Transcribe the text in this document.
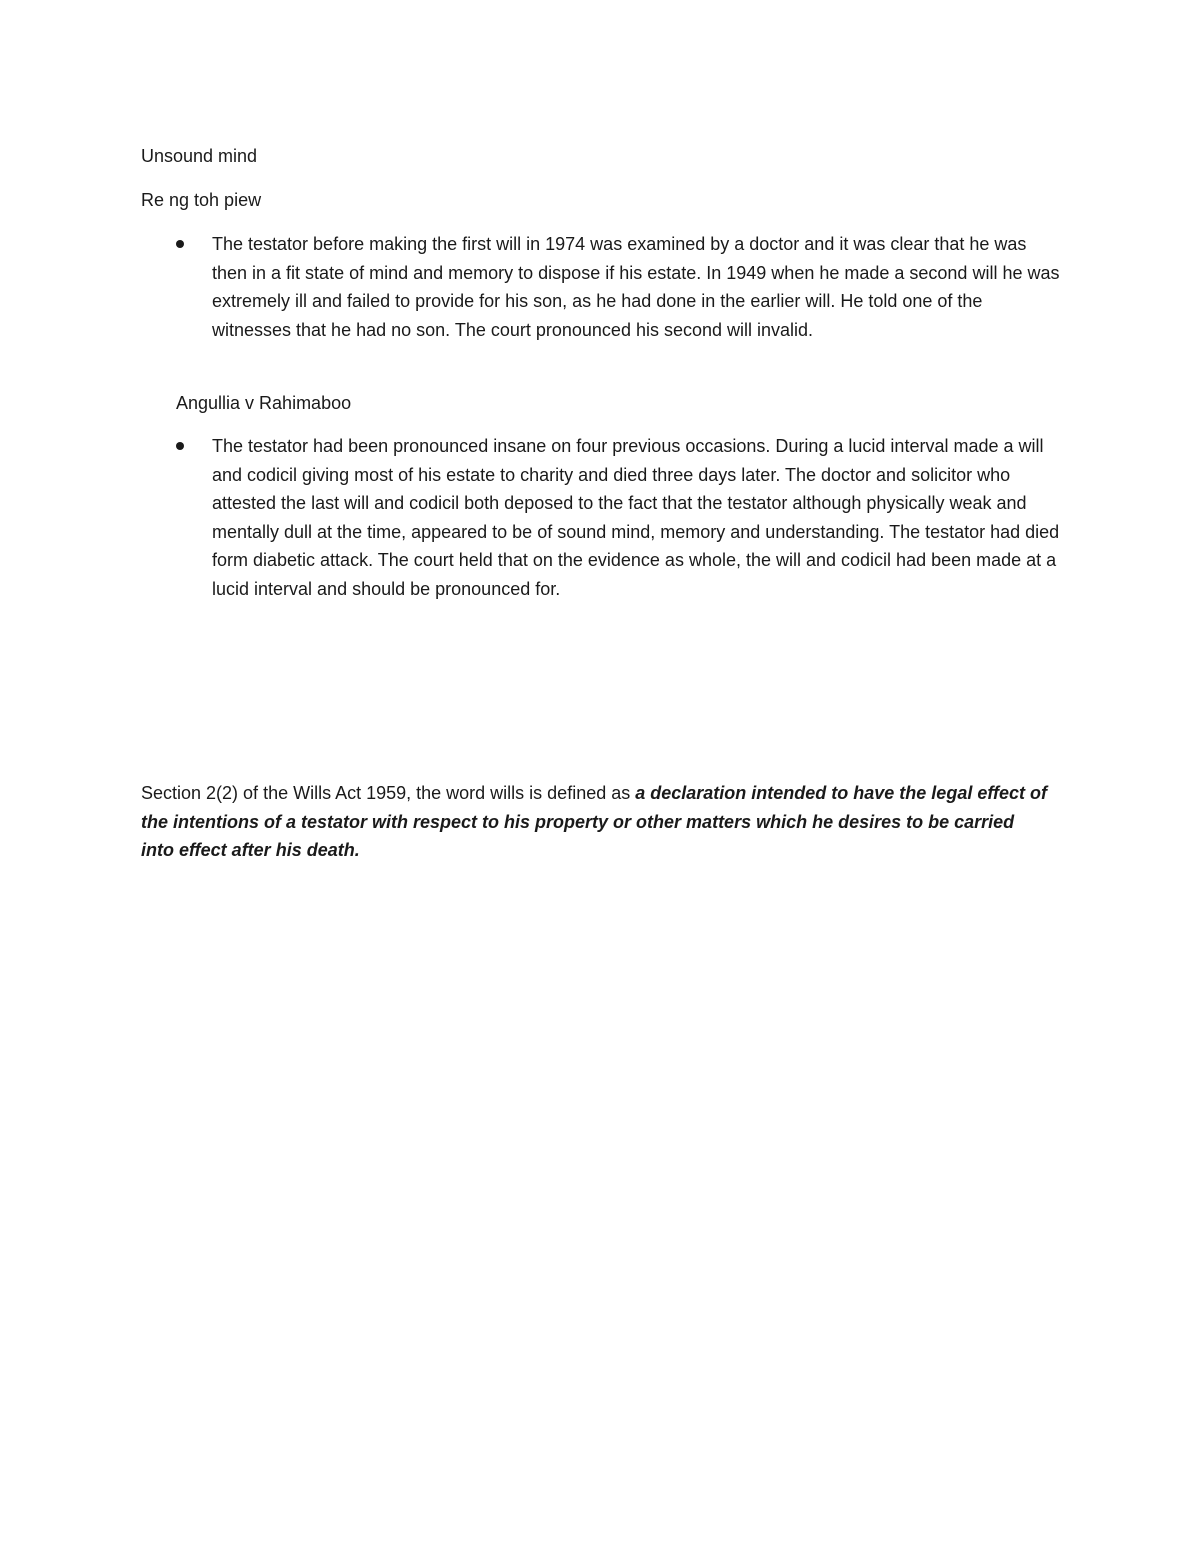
Unsound mind
Re ng toh piew

The testator before making the first will in 1974 was examined by a doctor and it was clear that he was then in a fit state of mind and memory to dispose if his estate. In 1949 when he made a second will he was extremely ill and failed to provide for his son, as he had done in the earlier will. He told one of the witnesses that he had no son. The court pronounced his second will invalid.

Angullia v Rahimaboo

The testator had been pronounced insane on four previous occasions. During a lucid interval made a will and codicil giving most of his estate to charity and died three days later. The doctor and solicitor who attested the last will and codicil both deposed to the fact that the testator although physically weak and mentally dull at the time, appeared to be of sound mind, memory and understanding. The testator had died form diabetic attack. The court held that on the evidence as whole, the will and codicil had been made at a lucid interval and should be pronounced for.

Section 2(2) of the Wills Act 1959, the word wills is defined as a declaration intended to have the legal effect of the intentions of a testator with respect to his property or other matters which he desires to be carried into effect after his death.
